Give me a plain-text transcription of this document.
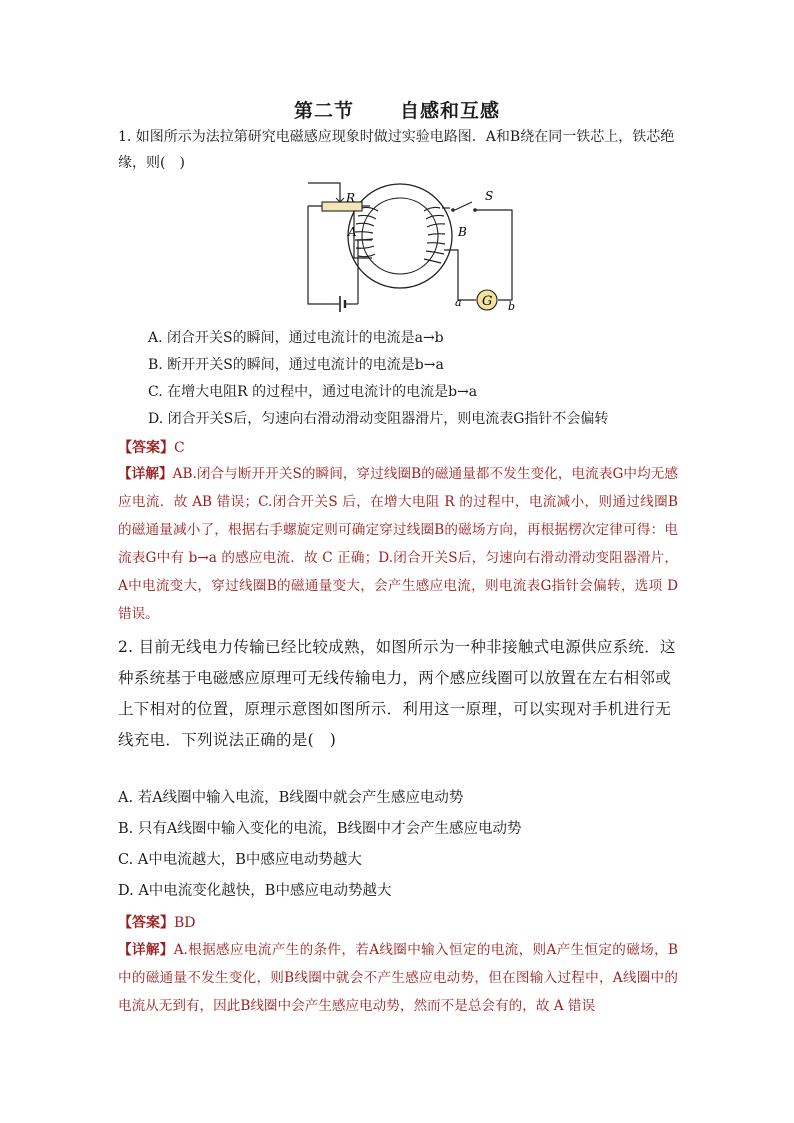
第二节 自感和互感
1. 如图所示为法拉第研究电磁感应现象时做过实验电路图．A和B绕在同一铁芯上，铁芯绝缘，则(　)
G
R	S
A	B
a	b
A. 闭合开关S的瞬间，通过电流计的电流是a→b
B. 断开开关S的瞬间，通过电流计的电流是b→a
C. 在增大电阻R 的过程中，通过电流计的电流是b→a
D. 闭合开关S后，匀速向右滑动滑动变阻器滑片，则电流表G指针不会偏转
【答案】C
【详解】AB.闭合与断开开关S的瞬间，穿过线圈B的磁通量都不发生变化，电流表G中均无感应电流．故 AB 错误；C.闭合开关S 后，在增大电阻 R 的过程中，电流减小，则通过线圈B的磁通量减小了，根据右手螺旋定则可确定穿过线圈B的磁场方向，再根据楞次定律可得：电流表G中有 b→a 的感应电流．故 C 正确；D.闭合开关S后，匀速向右滑动滑动变阻器滑片，A中电流变大，穿过线圈B的磁通量变大，会产生感应电流，则电流表G指针会偏转，选项 D 错误。
2. 目前无线电力传输已经比较成熟，如图所示为一种非接触式电源供应系统．这种系统基于电磁感应原理可无线传输电力，两个感应线圈可以放置在左右相邻或上下相对的位置，原理示意图如图所示．利用这一原理，可以实现对手机进行无线充电．下列说法正确的是(　)
A. 若A线圈中输入电流，B线圈中就会产生感应电动势
B. 只有A线圈中输入变化的电流，B线圈中才会产生感应电动势
C. A中电流越大，B中感应电动势越大
D. A中电流变化越快，B中感应电动势越大
【答案】BD
【详解】A.根据感应电流产生的条件，若A线圈中输入恒定的电流，则A产生恒定的磁场，B中的磁通量不发生变化，则B线圈中就会不产生感应电动势，但在图输入过程中，A线圈中的电流从无到有，因此B线圈中会产生感应电动势，然而不是总会有的，故 A 错误
